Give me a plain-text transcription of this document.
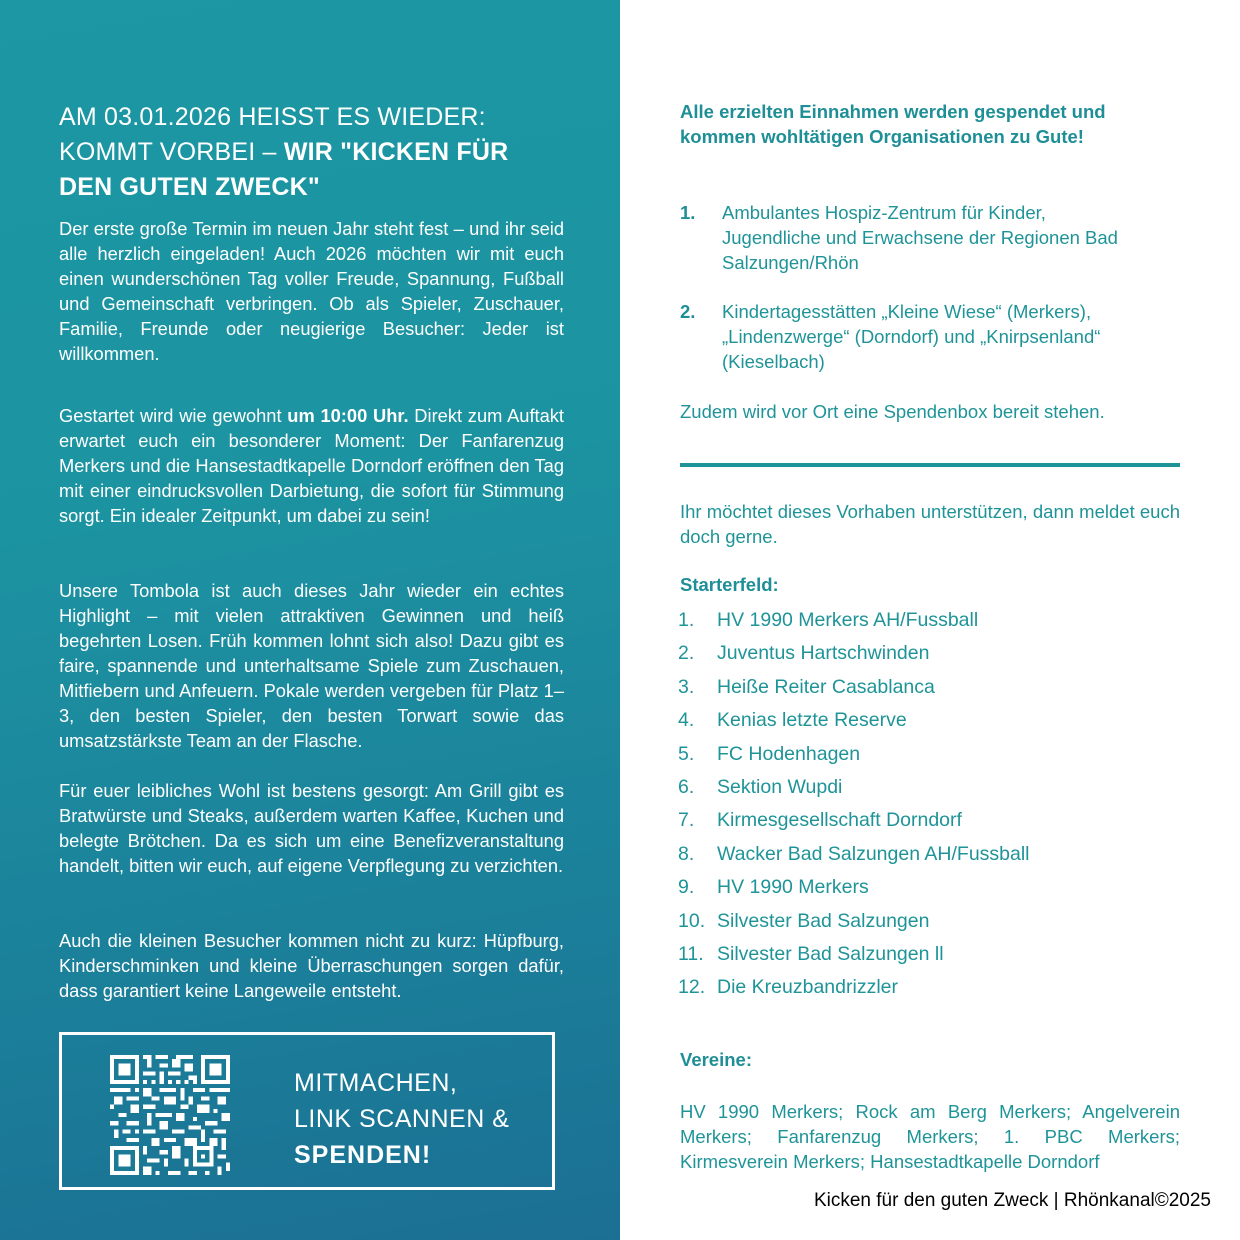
AM 03.01.2026 HEISST ES WIEDER:
KOMMT VORBEI – WIR "KICKEN FÜR
DEN GUTEN ZWECK"

Der erste große Termin im neuen Jahr steht fest – und ihr seid alle herzlich eingeladen! Auch 2026 möchten wir mit euch einen wunderschönen Tag voller Freude, Spannung, Fußball und Gemeinschaft verbringen. Ob als Spieler, Zuschauer, Familie, Freunde oder neugierige Besucher: Jeder ist willkommen.

Gestartet wird wie gewohnt um 10:00 Uhr. Direkt zum Auftakt erwartet euch ein besonderer Moment: Der Fanfarenzug Merkers und die Hansestadtkapelle Dorndorf eröffnen den Tag mit einer eindrucksvollen Darbietung, die sofort für Stimmung sorgt. Ein idealer Zeitpunkt, um dabei zu sein!

Unsere Tombola ist auch dieses Jahr wieder ein echtes Highlight – mit vielen attraktiven Gewinnen und heiß begehrten Losen. Früh kommen lohnt sich also! Dazu gibt es faire, spannende und unterhaltsame Spiele zum Zuschauen, Mitfiebern und Anfeuern. Pokale werden vergeben für Platz 1–3, den besten Spieler, den besten Torwart sowie das umsatzstärkste Team an der Flasche.

Für euer leibliches Wohl ist bestens gesorgt: Am Grill gibt es Bratwürste und Steaks, außerdem warten Kaffee, Kuchen und belegte Brötchen. Da es sich um eine Benefizveranstaltung handelt, bitten wir euch, auf eigene Verpflegung zu verzichten.

Auch die kleinen Besucher kommen nicht zu kurz: Hüpfburg, Kinderschminken und kleine Überraschungen sorgen dafür, dass garantiert keine Langeweile entsteht.

MITMACHEN,
LINK SCANNEN &
SPENDEN!
Alle erzielten Einnahmen werden gespendet und kommen wohltätigen Organisationen zu Gute!
1. Ambulantes Hospiz-Zentrum für Kinder, Jugendliche und Erwachsene der Regionen Bad Salzungen/Rhön
2. Kindertagesstätten „Kleine Wiese“ (Merkers), „Lindenzwerge“ (Dorndorf) und „Knirpsenland“ (Kieselbach)
Zudem wird vor Ort eine Spendenbox bereit stehen.
Ihr möchtet dieses Vorhaben unterstützen, dann meldet euch doch gerne.
Starterfeld:
1. HV 1990 Merkers AH/Fussball
2. Juventus Hartschwinden
3. Heiße Reiter Casablanca
4. Kenias letzte Reserve
5. FC Hodenhagen
6. Sektion Wupdi
7. Kirmesgesellschaft Dorndorf
8. Wacker Bad Salzungen AH/Fussball
9. HV 1990 Merkers
10. Silvester Bad Salzungen
11. Silvester Bad Salzungen ll
12. Die Kreuzbandrizzler
Vereine:
HV 1990 Merkers; Rock am Berg Merkers; Angelverein Merkers; Fanfarenzug Merkers; 1. PBC Merkers; Kirmesverein Merkers; Hansestadtkapelle Dorndorf
Kicken für den guten Zweck | Rhönkanal©2025
